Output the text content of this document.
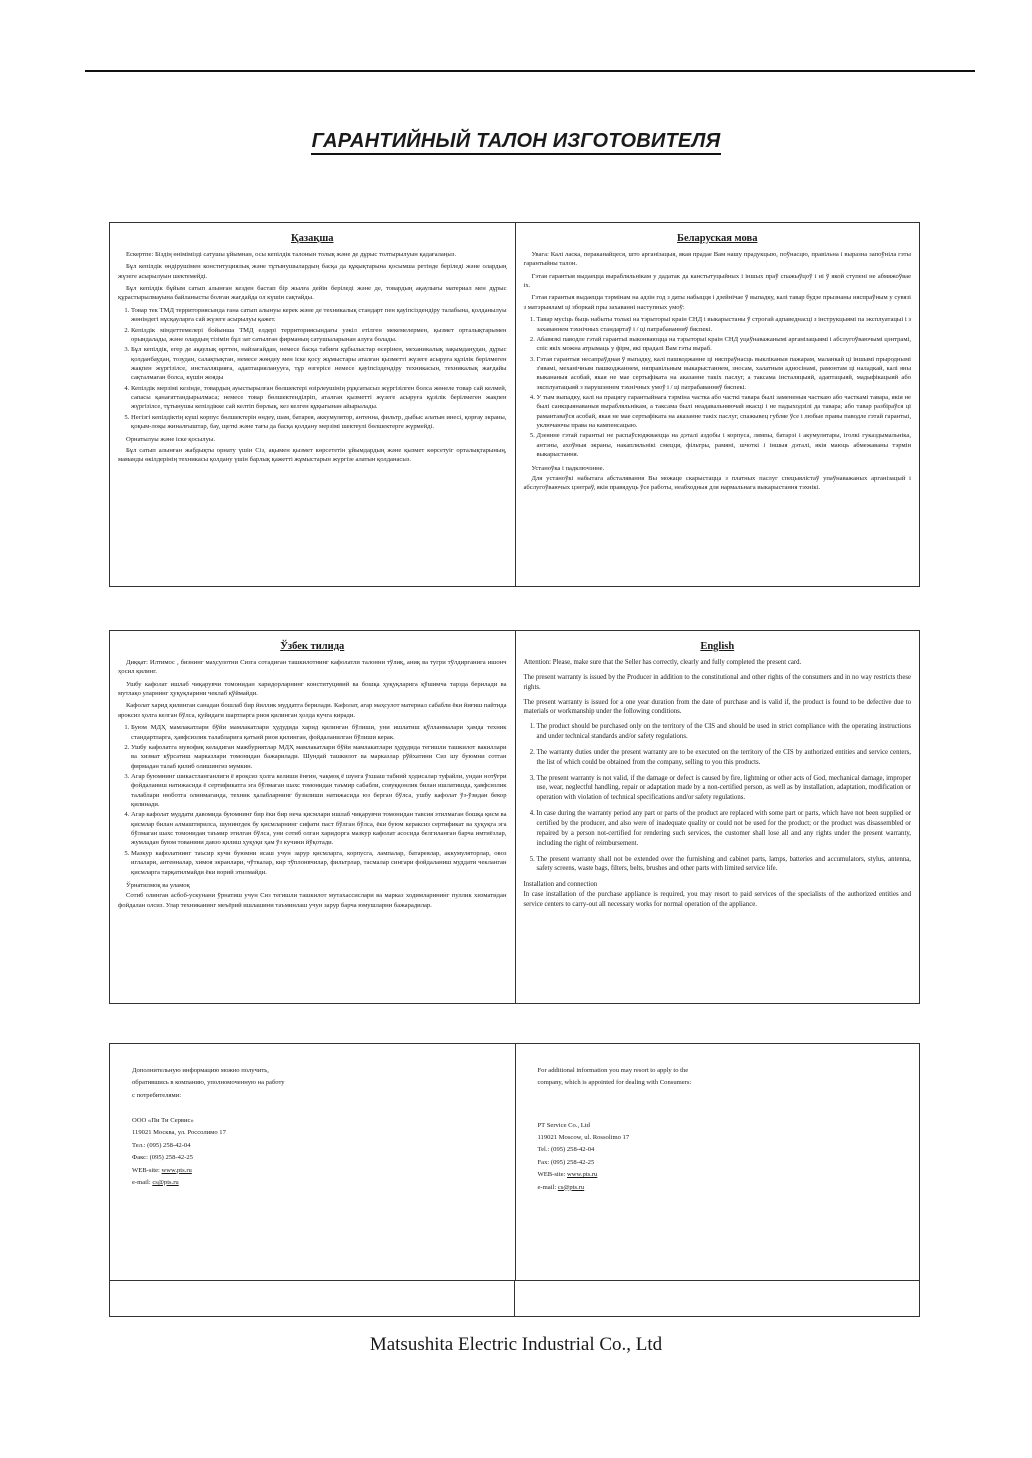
ГАРАНТИЙНЫЙ ТАЛОН ИЗГОТОВИТЕЛЯ
Қазақша

Ескертпе: Біздің өнімімізді сатушы ұйымнан, осы кепілдік талонын толық және де дұрыс толтырылуын қадағалаңыз.

Бұл кепілдік өндірушімен конституциялық және тұтынушылардың басқа да құқықтарына қосымша ретінде беріледі және олардың жүзеге асырылуын шектемейді.

Бұл кепілдік бұйым сатып алынған кезден бастап бір жылға дейін беріледі және де, товардың ақаулығы материал мен дұрыс құрастырылмауына байланысты болған жағдайда ол күшін сақтайды.

1. Товар тек ТМД территориясында ғана сатып алынуы керек және де техникалық стандарт пен қауіпсіздендіру талабына, қолданылуы жөніндегі нұсқауларға сай жүзеге асырылуы қажет.
2. Кепілдік міндеттемелері бойынша ТМД елдері территориясындағы уәкіл етілген мекемелермен, қызмет орталықтарымен орындалады, және олардың тізімін бұл зат сатылған фирманың сатушыларынан алуға болады.
3. Бұл кепілдік, егер де ақаулық өрттен, найзағайдан, немесе басқа табиғи құбылыстар өсерінен, механикалық зақымданудан, дұрыс қолданбаудан, тозудан, салақтықтан, немесе жөндеу мен іске қосу жұмыстары аталған қызметті жүзеге асыруға құзілік берілмеген жақпен жүргізілсе, инсталляцияға, адаптацияланууға, тұр өзгерісе немесе қауіпсіздендіру техникасын, техникалық жағдайы сақталмаған болса, күшін жояды
4. Кепілдік мерзімі кезінде, товардың ауыстырылған бөлшектері өзірлеушінің рұқсатысыз жүргізілген болса жөнеле товар сай келмей, сапасы қанағаттандырылмаса; немесе товар бөлшектенділріп, аталған қызметті жүзеге асыруға құзілік берілмеген жақпен жүргізілсе, тұтынушы кепілдікке сай келтіп бөрлық, кез келген құқығынан айырылады.
5. Негізгі кепілдіктің күші корпус бөлшектерін өндеу, шам, батарея, аккумулятор, антенна, фильтр, дыбыс алатын инесі, қорғау экраны, қоқым-лоқы жиналғыштар, бау, щеткі және тағы да басқа қолдану мерзімі шектеулі бөлшектерге жүрмейді.

Орнатылуы және іске қосылуы.

Бұл сатып алынған жабдықты орнату үшін Сіз, ақымен қызмет көрсететін ұйымдардың және қызмет көрсетуіг орталықтарының, маманды өкілдерінің техникасы қолдану үшін барлық қажетті жұмыстарын жүргізе алатын қолданасыз.

Беларуская мова

Увага: Калі ласка, пераканайцеся, што арганізацыя, якая прадае Вам нашу прадукцыю, поўнасцю, правільна і выразна запоўніла гэты гарантыйны талон.

Гэтая гарантыя выдаецца вырабляльнікам у дадатак да канстытуцыйных і іншых праў спажыўцоў і ні ў якой ступені не абмяжоўвае іх.

Гэтая гарантыя выдаецца тэрмінам на адзін год з даты набыцця і дзейнічае ў выпадку, калі тавар будзе прызнаны няспраўным у сувязі з матэрыяламі ці зборкай пры захаванні наступных умоў:

1. Тавар мусіць быць набыты толькі на тэрыторыі краін СНД і выкарыстаны ў строгай адпаведнасці з інструкцыямі па эксплуатацыі і з захаваннем тэхнічных стандартаў і / ці патрабаванняў бяспекі.
2. Абавязкі паводле гэтай гарантыі выконваюцца на тэрыторыі краін СНД уцаўнаважанымі арганізацыямі і абслугоўваючымі цэнтрамі, спіс якіх можна атрымаць у фірм, якi прадалі Вам гэты выраб.
3. Гэтая гарантыя несапраўдная ў выпадку, калі пашкоджанне ці няспраўнасць выкліканыя пажарам, маланкай ці іншымі прыроднымі з'явамі, механічным пашкоджаннем, няправільным выкарыстаннем, зносам, халатным адносінамі, рамонтам ці наладкай, калі яны выкананыя асобай, якая не мае сертыфіката на аказанне такіх паслуг, а таксама інсталяцыяй, адаптацыяй, мадыфікацыяй або эксплуатацыяй з парушэннем тэхнічных умоў і / ці патрабаванняў бяспекі.
4. У тым выпадку, калі на працягу гарантыйнага тэрміна частка або часткі тавара былі замененыя часткаю або часткамі тавара, якія не былі санкцыянаваныя вырабляльнікам, а таксама былі неадавальняючай якасці і не падыходзілі да тавара; або тавар разбіраўся ці рамантаваўся асобай, якая не мае сертыфіката на аказанне такіх паслуг, спажывец губляе ўсе і любые правы паводле гэтай гарантыі, уключаючы права на кампенсацыю.
5. Дзеянне гэтай гарантыі не распаўсюджваецца на дэталі аздобы і корпуса, лямпы, батарэі і акумулятары, іголкі гуказдымальніка, антэны, ахоўныя экраны, накапляльнікі смецця, фільтры, рамяні, шчоткі і іншыя дэталі, якія маюць абмежаваны тэрмін выкарыстання.

Устаноўка і падключэнне.

Для устаноўкі набытага абсталявання Вы можаце скарыстацца з платных паслуг спецыялістаў упаўнаважаных арганізацый і абслугоўваючых цэнтраў, якія правядуць ўсе работы, неабходныя для нармальнага выкарыстання тэхнікі.

Ўзбек тилида

Диққат: Илтимос , бизнинг маҳсулотни Сизга сотадиган ташкилотнинг кафолатли талонни тўлиқ, аниқ ва тугри тўлдирганига ишонч ҳосил қилинг.

Ушбу кафолат ишлаб чиқарувчи томонидан харидорларнинг конституцивий ва бошқа ҳуқуқларига қўшимча тарзда берилади ва мутлақо уларнинг ҳуқуқларини чеклаб қўймайди.

Кафолат харид қилинган санадан бошлаб бир йиллик муддатга берилади. Кафолат, агар маҳсулот материал сабабли ёки йиғиш пайтида ярокcиз ҳолга келган бўлса, қуйидаги шартларга риоя қилинган ҳолда кучга киради.

1. Буюм МДҲ мамлакатлари бўйи мамлакатлари ҳудудида харид қилинган бўлиши, уни ишлатиш қўлланмалари ҳамда техник стандартларга, ҳавфсизлик талабларига қатъий риоя қилинган, фойдаланилган бўлиши керак.
2. Ушбу кафолатга мувофиқ келадиган мажбуриятлар МДҲ мамлакатлари бўйи мамлакатлари ҳудудида тегишли ташкилот вакиллари ва хизмат кўрсатиш марказлари томонидан бажарилади. Шундай ташкилот ва марказлар рўйхатини Сиз шу буюмни сотган фирмадан талаб қилиб олишингиз мумкин.
3. Агар буюмнинг шикастланганлиги ё яроқсиз ҳолга келиши ёнғин, чақмоқ ё шунга ўхшаш табиий ҳодисалар туфайли, ундан нотўғри фойдаланиш натижасида ё сертификатга эга бўлмаган шахс томонидан таъмир сабабли, совуққонлик билан ишлатишда, ҳавфсизлик талаблари нюботга олинмаганда, техник ҳалабларнинг бузилиши натижасида юз берган бўлса, ушбу кафолат ўз-ўзидан бекор қилинади.
4. Агар кафолат муддати давомида буюмнинг бир ёки бир неча қисмлари ишлаб чиқарувчи томонидан тавсия этилмаган бошқа қисм ва қисмлар билан алмаштирилса, шунингдек бу қисмларнинг сифати паст бўлган бўлса, ёки буюм кераксиз сертификат ва ҳуқуқга эга бўлмаган шахс томонидан таъмир этилган бўлса, уни сотиб олган харидорга мазкур кафолат асосида белгиланган барча имтиёзлар, жумладан буюм тованини давзо қилиш ҳуқуқи ҳам ўз кучини йўқотади.
5. Мазкур кафолатнинг таъсир кучи буюмни ясаш учун зарур қисмларга, корпусга, лампалар, батареялар, аккумуляторлар, овоз иглалари, антенналар, химоя экранлари, чўткалар, кир тўплонвчилар, фильтрлар, тасмалар сингари фойдаланиш муддати чекланган қисмларга тарқатилмайди ёки ворий этилмайди.

Ўрнатилмоқ ва уламоқ

Сотиб олинган асбоб-ускунани ўрнатиш учун Сиз тегишли ташкилот мутахассислари ва марказ ходимларининг пуллик хизматидан фойдалан олсиз. Улар техниканинг меъёрий ишлашини таъминлаш учун зарур барча юмушларни бажарадилар.

English

Attention: Please, make sure that the Seller has correctly, clearly and fully completed the present card.

The present warranty is issued by the Producer in addition to the constitutional and other rights of the consumers and in no way restricts these rights.

The present warranty is issued for a one year duration from the date of purchase and is valid if, the product is found to be defective due to materials or workmanship under the following conditions.

1. The product should be purchased only on the territory of the CIS and should be used in strict compliance with the operating instructions and under technical standards and/or safety regulations.
2. The warranty duties under the present warranty are to be executed on the territory of the CIS by authorized entities and service centers, the list of which could be obtained from the company, selling to you this products.
3. The present warranty is not valid, if the damage or defect is caused by fire, lightning or other acts of God, mechanical damage, improper use, wear, neglectful handling, repair or adaptation made by a non-certified person, as well as by installation, adaptation, modification or operation with violation of technical specifications and/or safety regulations.
4. In case during the warranty period any part or parts of the product are replaced with some part or parts, which have not been supplied or certified by the producer, and also were of inadequate quality or could not be used for the product; or the product was disassembled or repaired by a person not-certified for rendering such services, the customer shall lose all and any rights under the present warranty, including the right of reimbursement.
5. The present warranty shall not be extended over the furnishing and cabinet parts, lamps, batteries and accumulators, stylus, antenna, safety screens, waste bags, filters, belts, brushes and other parts with limited service life.

Installation and connection

In case installation of the purchase appliance is required, you may resort to paid services of the specialists of the authorized entities and service centers to carry-out all necessary works for normal operation of the appliance.

Дополнительную информацию можно получить,

обратившись в компанию, уполномоченную на работу

с потребителями:

ООО «Пи Ти Сервис»

119021 Москва, ул. Россолимо 17

Тел.: (095) 258-42-04

Факс: (095) 258-42-25

WEB-site: www.pts.ru

e-mail: cs@pts.ru

For additional information you may resort to apply to the

company, which is appointed for dealing with Consumers:

PT Service Co., Ltd

119021 Moscow, ul. Rossolimo 17

Tel.: (095) 258-42-04

Fax: (095) 258-42-25

WEB-site: www.pts.ru

e-mail: cs@pts.ru

Matsushita Electric Industrial Co., Ltd
